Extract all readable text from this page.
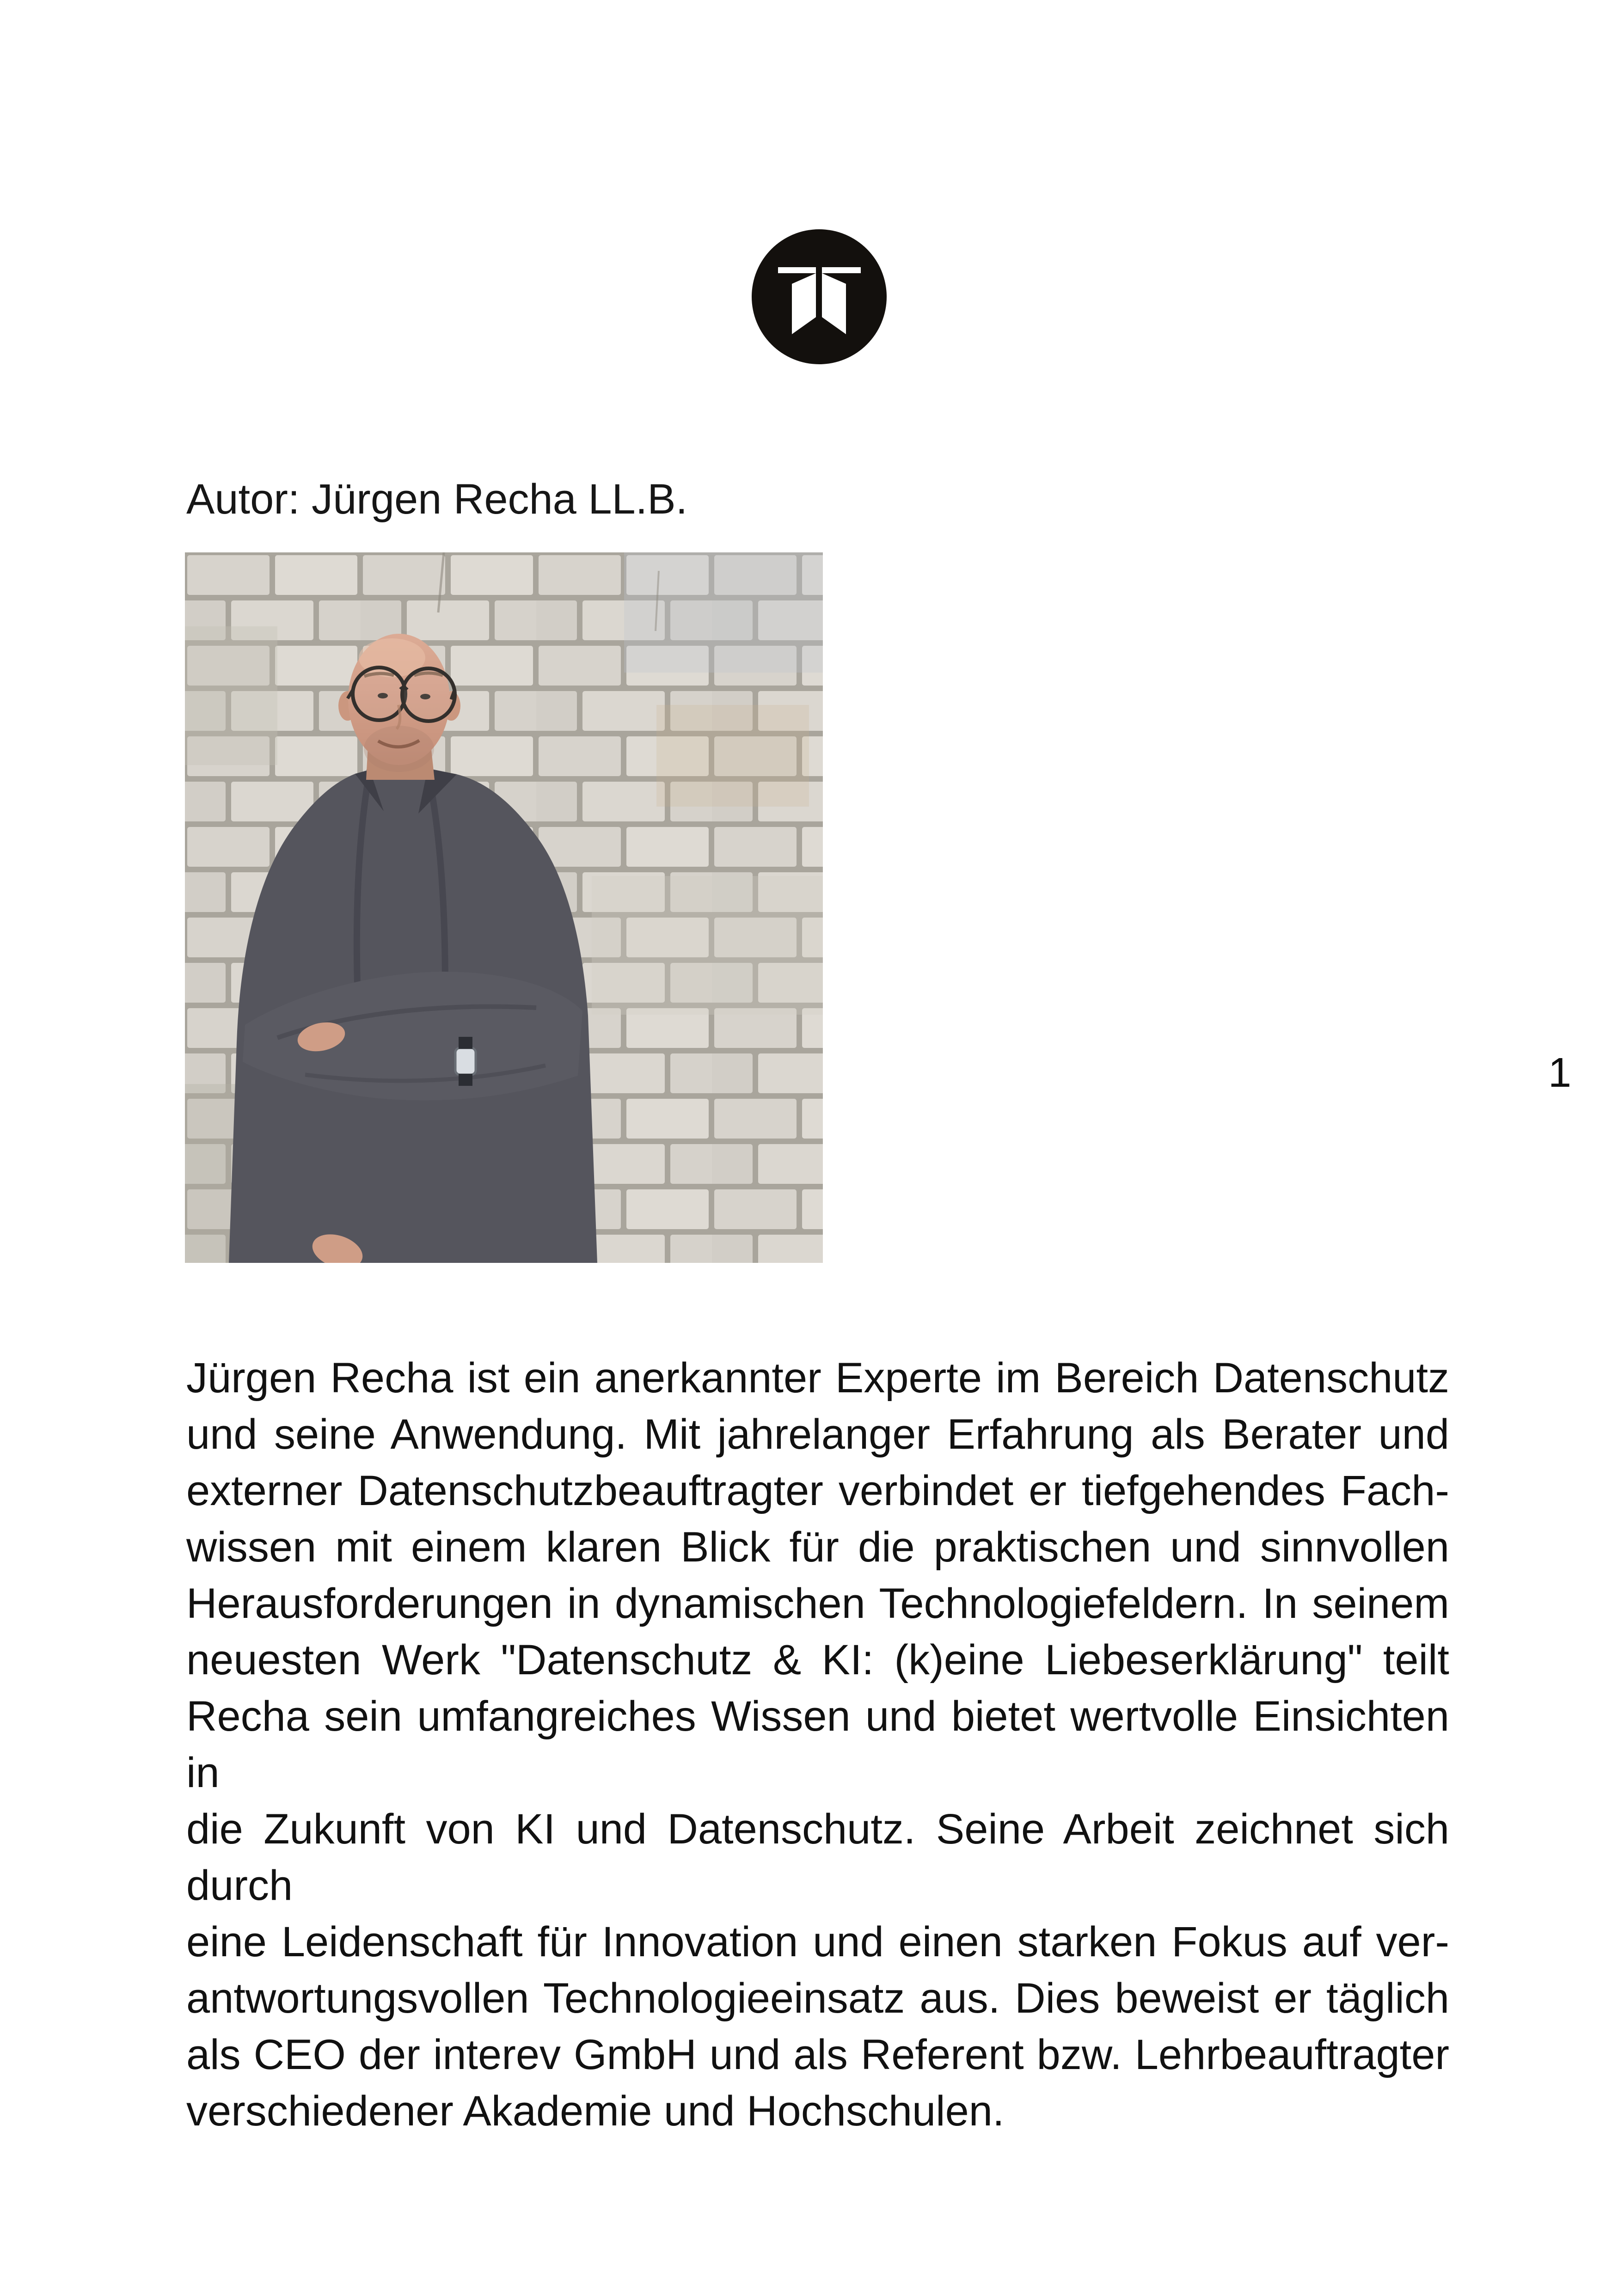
Autor: Jürgen Recha LL.B.
1
Jürgen Recha ist ein anerkannter Experte im Bereich Datenschutz
und seine Anwendung. Mit jahrelanger Erfahrung als Berater und
externer Datenschutzbeauftragter verbindet er tiefgehendes Fach-
wissen mit einem klaren Blick für die praktischen und sinnvollen
Herausforderungen in dynamischen Technologiefeldern. In seinem
neuesten Werk "Datenschutz & KI: (k)eine Liebeserklärung" teilt
Recha sein umfangreiches Wissen und bietet wertvolle Einsichten in
die Zukunft von KI und Datenschutz. Seine Arbeit zeichnet sich durch
eine Leidenschaft für Innovation und einen starken Fokus auf ver-
antwortungsvollen Technologieeinsatz aus. Dies beweist er täglich
als CEO der interev GmbH und als Referent bzw. Lehrbeauftragter
verschiedener Akademie und Hochschulen.
